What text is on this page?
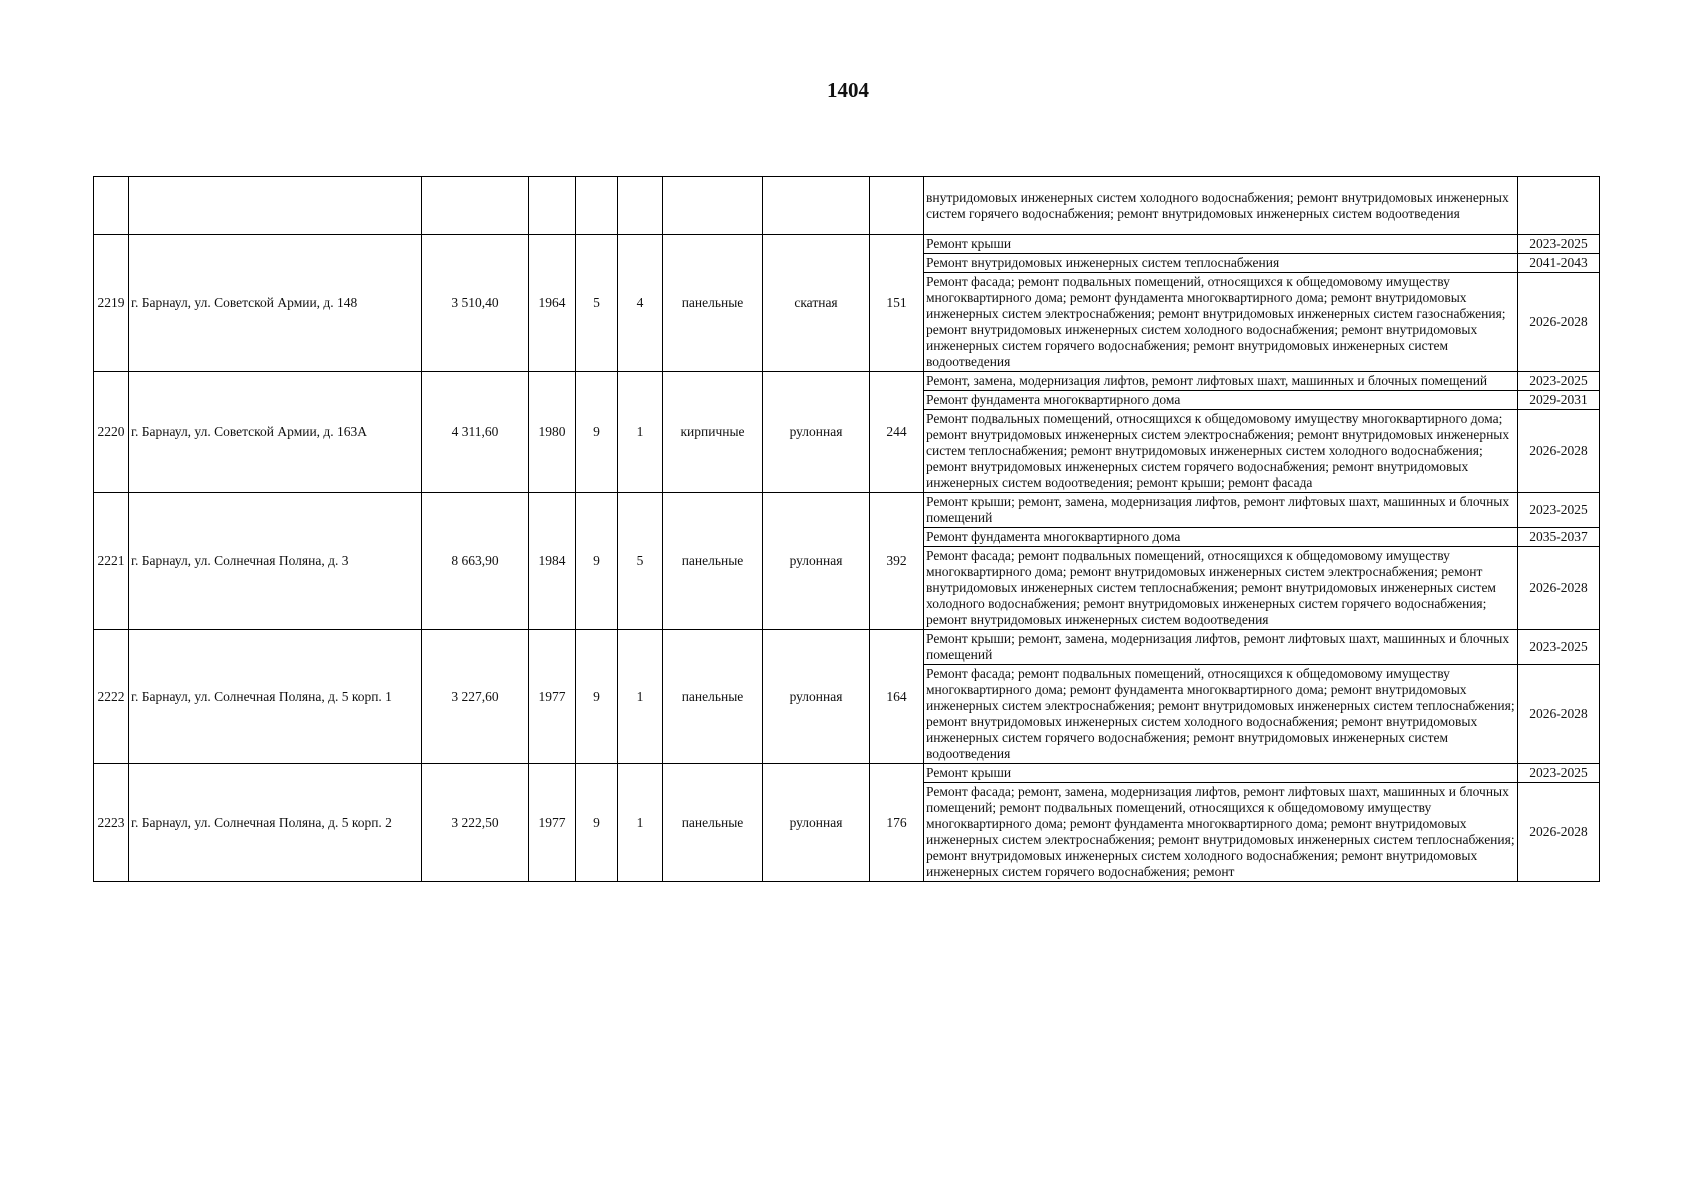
1404
									внутридомовых инженерных систем холодного водоснабжения; ремонт внутридомовых инженерных систем горячего водоснабжения; ремонт внутридомовых инженерных систем водоотведения	
2219	г. Барнаул, ул. Советской Армии, д. 148	3 510,40	1964	5	4	панельные	скатная	151	Ремонт крыши	2023-2025
									Ремонт внутридомовых инженерных систем теплоснабжения	2041-2043
									Ремонт фасада; ремонт подвальных помещений, относящихся к общедомовому имуществу многоквартирного дома; ремонт фундамента многоквартирного дома; ремонт внутридомовых инженерных систем электроснабжения; ремонт внутридомовых инженерных систем газоснабжения; ремонт внутридомовых инженерных систем холодного водоснабжения; ремонт внутридомовых инженерных систем горячего водоснабжения; ремонт внутридомовых инженерных систем водоотведения	2026-2028
2220	г. Барнаул, ул. Советской Армии, д. 163А	4 311,60	1980	9	1	кирпичные	рулонная	244	Ремонт, замена, модернизация лифтов, ремонт лифтовых шахт, машинных и блочных помещений	2023-2025
									Ремонт фундамента многоквартирного дома	2029-2031
									Ремонт подвальных помещений, относящихся к общедомовому имуществу многоквартирного дома; ремонт внутридомовых инженерных систем электроснабжения; ремонт внутридомовых инженерных систем теплоснабжения; ремонт внутридомовых инженерных систем холодного водоснабжения; ремонт внутридомовых инженерных систем горячего водоснабжения; ремонт внутридомовых инженерных систем водоотведения; ремонт крыши; ремонт фасада	2026-2028
2221	г. Барнаул, ул. Солнечная Поляна, д. 3	8 663,90	1984	9	5	панельные	рулонная	392	Ремонт крыши; ремонт, замена, модернизация лифтов, ремонт лифтовых шахт, машинных и блочных помещений	2023-2025
									Ремонт фундамента многоквартирного дома	2035-2037
									Ремонт фасада; ремонт подвальных помещений, относящихся к общедомовому имуществу многоквартирного дома; ремонт внутридомовых инженерных систем электроснабжения; ремонт внутридомовых инженерных систем теплоснабжения; ремонт внутридомовых инженерных систем холодного водоснабжения; ремонт внутридомовых инженерных систем горячего водоснабжения; ремонт внутридомовых инженерных систем водоотведения	2026-2028
2222	г. Барнаул, ул. Солнечная Поляна, д. 5 корп. 1	3 227,60	1977	9	1	панельные	рулонная	164	Ремонт крыши; ремонт, замена, модернизация лифтов, ремонт лифтовых шахт, машинных и блочных помещений	2023-2025
									Ремонт фасада; ремонт подвальных помещений, относящихся к общедомовому имуществу многоквартирного дома; ремонт фундамента многоквартирного дома; ремонт внутридомовых инженерных систем электроснабжения; ремонт внутридомовых инженерных систем теплоснабжения; ремонт внутридомовых инженерных систем холодного водоснабжения; ремонт внутридомовых инженерных систем горячего водоснабжения; ремонт внутридомовых инженерных систем водоотведения	2026-2028
2223	г. Барнаул, ул. Солнечная Поляна, д. 5 корп. 2	3 222,50	1977	9	1	панельные	рулонная	176	Ремонт крыши	2023-2025
									Ремонт фасада; ремонт, замена, модернизация лифтов, ремонт лифтовых шахт, машинных и блочных помещений; ремонт подвальных помещений, относящихся к общедомовому имуществу многоквартирного дома; ремонт фундамента многоквартирного дома; ремонт внутридомовых инженерных систем электроснабжения; ремонт внутридомовых инженерных систем теплоснабжения; ремонт внутридомовых инженерных систем холодного водоснабжения; ремонт внутридомовых инженерных систем горячего водоснабжения; ремонт	2026-2028
